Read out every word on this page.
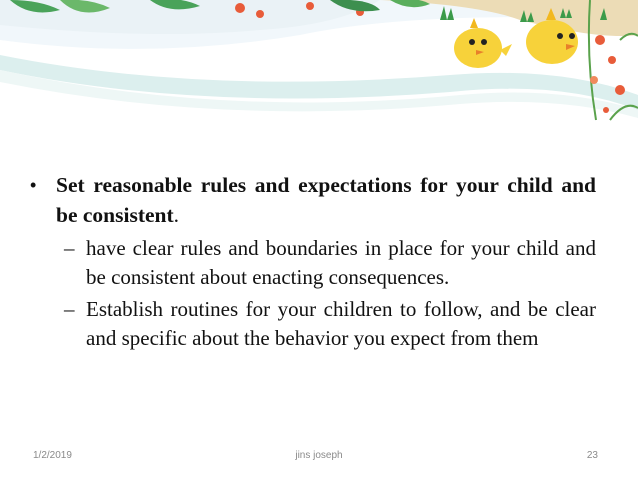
• Set reasonable rules and expectations for your child and be consistent.
– have clear rules and boundaries in place for your child and be consistent about enacting consequences.
– Establish routines for your children to follow, and be clear and specific about the behavior you expect from them
1/2/2019	jins joseph	23
